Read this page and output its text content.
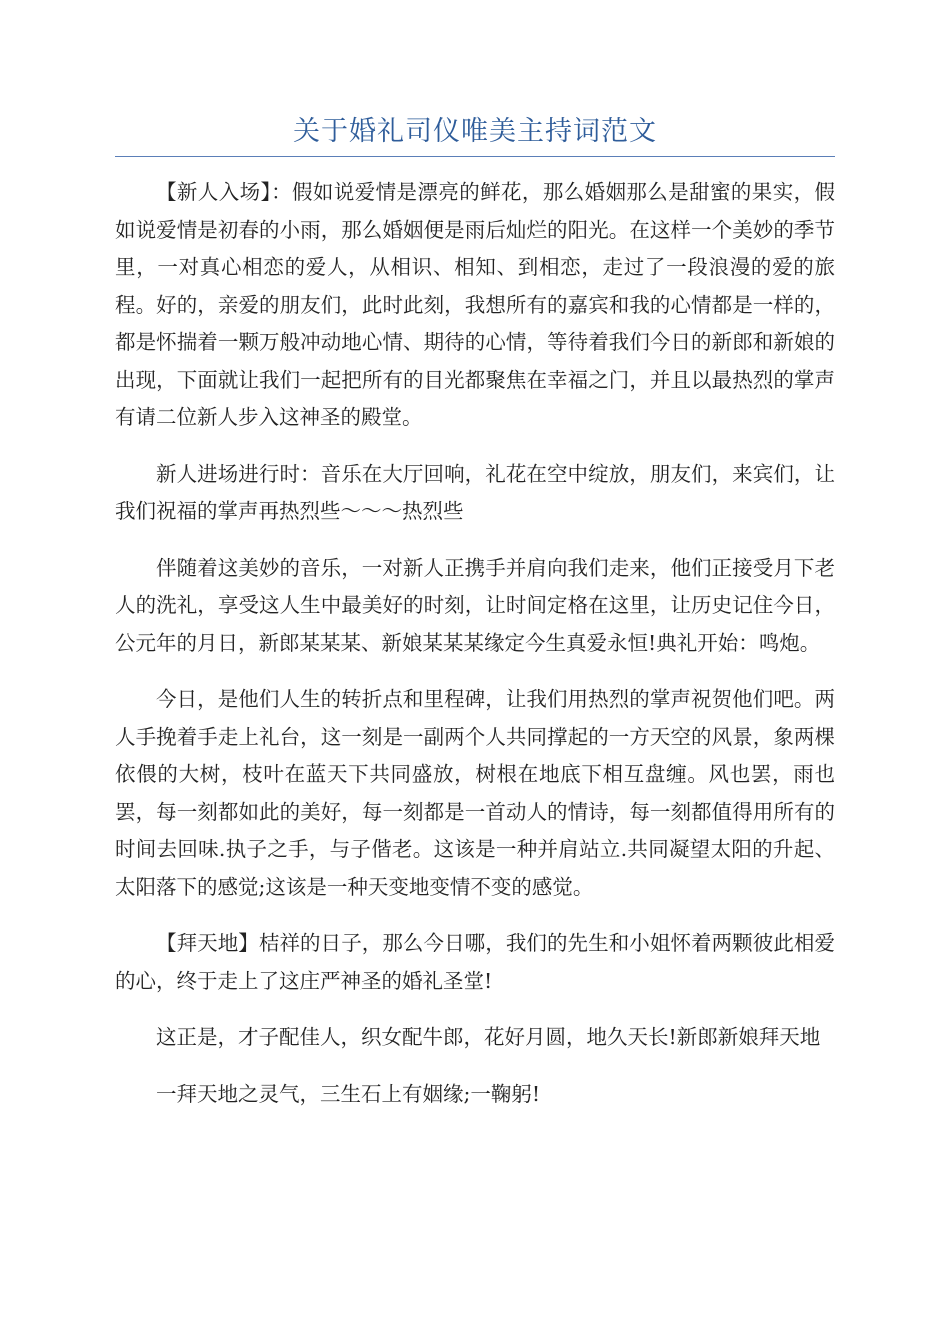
关于婚礼司仪唯美主持词范文

【新人入场】：假如说爱情是漂亮的鲜花，那么婚姻那么是甜蜜的果实，假如说爱情是初春的小雨，那么婚姻便是雨后灿烂的阳光。在这样一个美妙的季节里，一对真心相恋的爱人，从相识、相知、到相恋，走过了一段浪漫的爱的旅程。好的，亲爱的朋友们，此时此刻，我想所有的嘉宾和我的心情都是一样的，都是怀揣着一颗万般冲动地心情、期待的心情，等待着我们今日的新郎和新娘的出现，下面就让我们一起把所有的目光都聚焦在幸福之门，并且以最热烈的掌声有请二位新人步入这神圣的殿堂。

新人进场进行时：音乐在大厅回响，礼花在空中绽放，朋友们，来宾们，让我们祝福的掌声再热烈些～～～热烈些

伴随着这美妙的音乐，一对新人正携手并肩向我们走来，他们正接受月下老人的洗礼，享受这人生中最美好的时刻，让时间定格在这里，让历史记住今日，公元年的月日，新郎某某某、新娘某某某缘定今生真爱永恒!典礼开始：鸣炮。

今日，是他们人生的转折点和里程碑，让我们用热烈的掌声祝贺他们吧。两人手挽着手走上礼台，这一刻是一副两个人共同撑起的一方天空的风景，象两棵依偎的大树，枝叶在蓝天下共同盛放，树根在地底下相互盘缠。风也罢，雨也罢，每一刻都如此的美好，每一刻都是一首动人的情诗，每一刻都值得用所有的时间去回味.执子之手，与子偕老。这该是一种并肩站立.共同凝望太阳的升起、太阳落下的感觉;这该是一种天变地变情不变的感觉。

【拜天地】桔祥的日子，那么今日哪，我们的先生和小姐怀着两颗彼此相爱的心，终于走上了这庄严神圣的婚礼圣堂!

这正是，才子配佳人，织女配牛郎，花好月圆，地久天长!新郎新娘拜天地

一拜天地之灵气，三生石上有姻缘;一鞠躬!
